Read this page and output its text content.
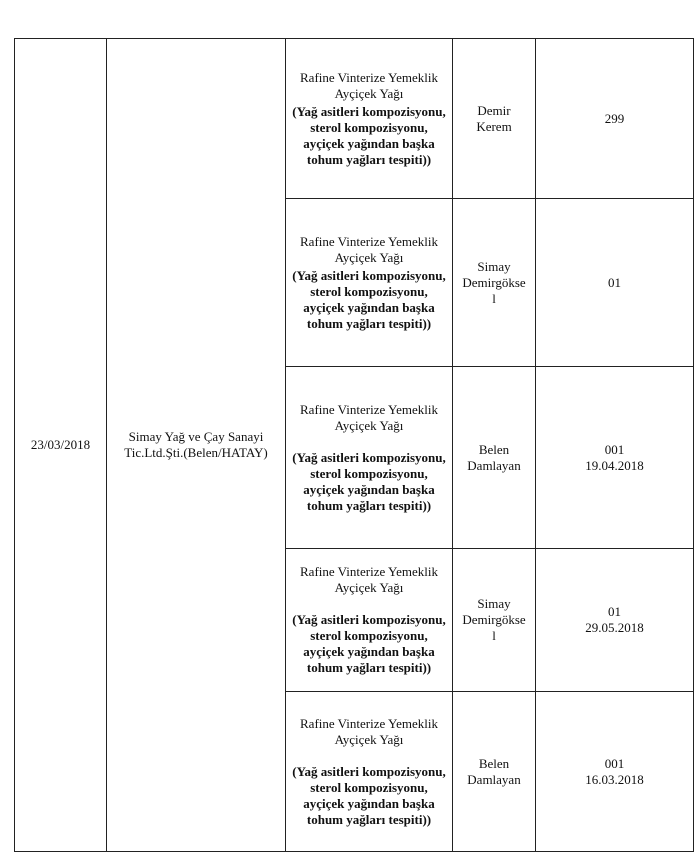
23/03/2018	Simay Yağ ve Çay Sanayi
Tic.Ltd.Şti.(Belen/HATAY)	Rafine Vinterize Yemeklik Ayçiçek Yağı
(Yağ asitleri kompozisyonu, sterol kompozisyonu, ayçiçek yağından başka tohum yağları tespiti))	Demir
Kerem	299

		Rafine Vinterize Yemeklik Ayçiçek Yağı
(Yağ asitleri kompozisyonu, sterol kompozisyonu, ayçiçek yağından başka tohum yağları tespiti))	Simay
Demirgökse
l	01

		Rafine Vinterize Yemeklik Ayçiçek Yağı
(Yağ asitleri kompozisyonu, sterol kompozisyonu, ayçiçek yağından başka tohum yağları tespiti))	Belen
Damlayan	001
19.04.2018

		Rafine Vinterize Yemeklik Ayçiçek Yağı
(Yağ asitleri kompozisyonu, sterol kompozisyonu, ayçiçek yağından başka tohum yağları tespiti))	Simay
Demirgökse
l	01
29.05.2018

		Rafine Vinterize Yemeklik Ayçiçek Yağı
(Yağ asitleri kompozisyonu, sterol kompozisyonu, ayçiçek yağından başka tohum yağları tespiti))	Belen
Damlayan	001
16.03.2018
